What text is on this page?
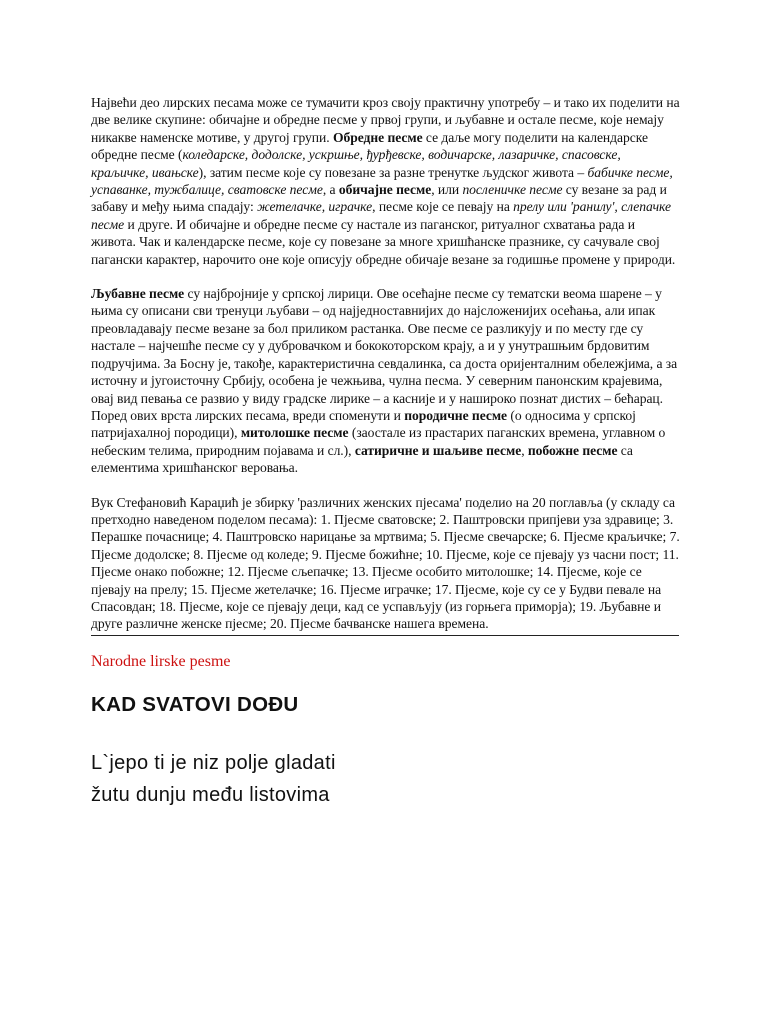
Највећи део лирских песама може се тумачити кроз своју практичну употребу – и тако их поделити на две велике скупине: обичајне и обредне песме у првој групи, и љубавне и остале песме, које немају никакве наменске мотиве, у другој групи. Обредне песме се даље могу поделити на календарске обредне песме (коледарске, додолске, ускршње, ђурђевске, водичарске, лазаричке, спасовске, краљичке, ивањске), затим песме које су повезане за разне тренутке људског живота – бабичке песме, успаванке, тужбалице, сватовске песме, а обичајне песме, или посленичке песме су везане за рад и забаву и међу њима спадају: жетелачке, играчке, песме које се певају на прелу или 'ранилу', слепачке песме и друге. И обичајне и обредне песме су настале из паганског, ритуалног схватања рада и живота. Чак и календарске песме, које су повезане за многе хришћанске празнике, су сачувале свој пагански карактер, нарочито оне које описују обредне обичаје везане за годишње промене у природи.

Љубавне песме су најбројније у српској лирици. Ове осећајне песме су тематски веома шарене – у њима су описани сви тренуци љубави – од најједноставнијих до најсложенијих осећања, али ипак преовладавају песме везане за бол приликом растанка. Ове песме се разликују и по месту где су настале – најчешће песме су у дубровачком и бококоторском крају, а и у унутрашњим брдовитим подручјима. За Босну је, такође, карактеристична севдалинка, са доста оријенталним обележјима, а за источну и југоисточну Србију, особена је чежњива, чулна песма. У северним панонским крајевима, овај вид певања се развио у виду градске лирике – а касније и у нашироко познат дистих – бећарац. Поред ових врста лирских песама, вреди споменути и породичне песме (о односима у српској патријахалној породици), митолошке песме (заостале из прастарих паганских времена, углавном о небеским телима, природним појавама и сл.), сатиричне и шаљиве песме, побожне песме са елементима хришћанског веровања.

Вук Стефановић Караџић је збирку 'различних женских пјесама' поделио на 20 поглавља (у складу са претходно наведеном поделом песама): 1. Пјесме сватовске; 2. Паштровски припјеви уза здравице; 3. Перашке почаснице; 4. Паштровско нарицање за мртвима; 5. Пјесме свечарске; 6. Пјесме краљичке; 7. Пјесме додолске; 8. Пјесме од коледе; 9. Пјесме божићне; 10. Пјесме, које се пјевају уз часни пост; 11. Пјесме онако побожне; 12. Пјесме сљепачке; 13. Пјесме особито митолошке; 14. Пјесме, које се пјевају на прелу; 15. Пјесме жетелачке; 16. Пјесме играчке; 17. Пјесме, које су се у Будви певале на Спасовдан; 18. Пјесме, које се пјевају деци, кад се успављују (из горњега приморја); 19. Љубавне и друге различне женске пјесме; 20. Пјесме бачванске нашега времена.

Narodne lirske pesme
KAD SVATOVI DOĐU

L`jepo ti je niz polje gladati

žutu dunju među listovima
